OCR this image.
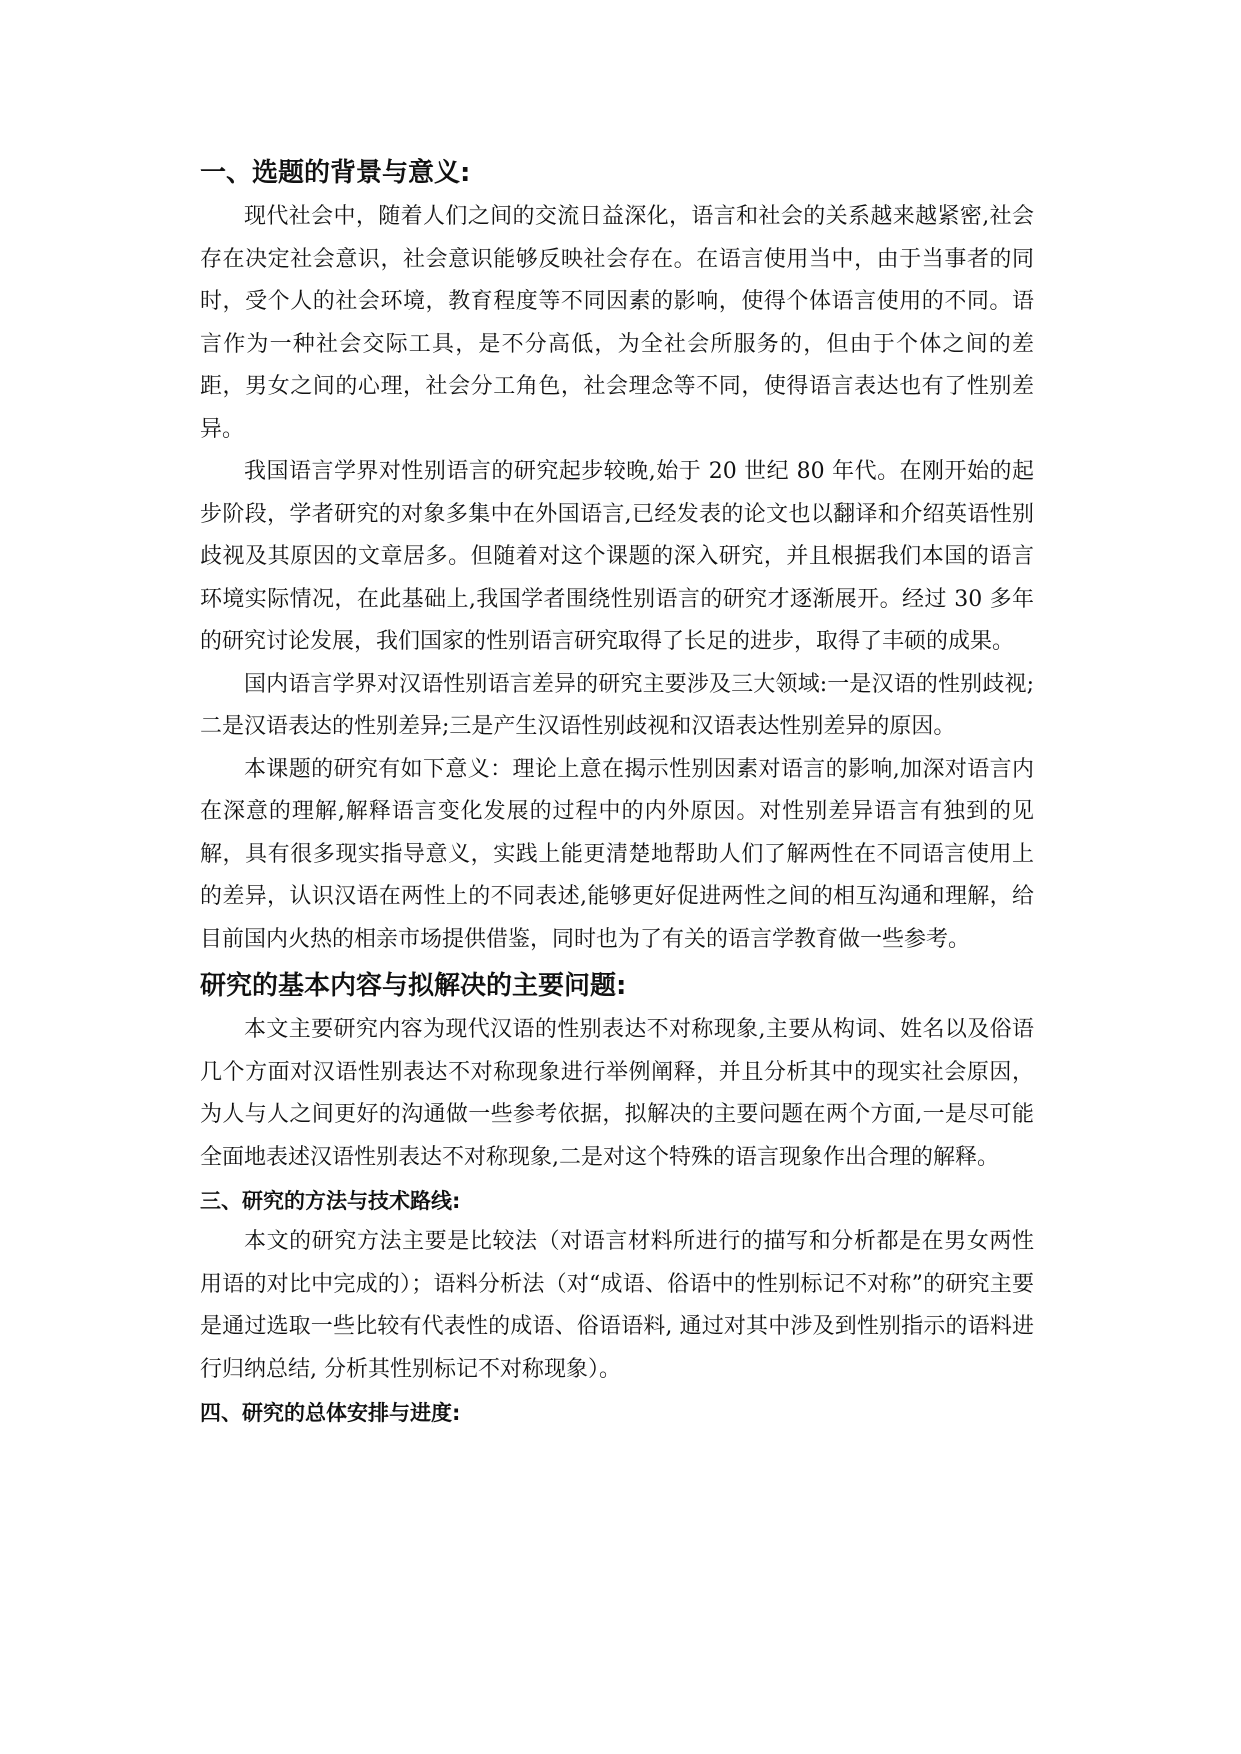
一、选题的背景与意义:

现代社会中，随着人们之间的交流日益深化，语言和社会的关系越来越紧密,社会存在决定社会意识，社会意识能够反映社会存在。在语言使用当中，由于当事者的同时，受个人的社会环境，教育程度等不同因素的影响，使得个体语言使用的不同。语言作为一种社会交际工具，是不分高低，为全社会所服务的，但由于个体之间的差距，男女之间的心理，社会分工角色，社会理念等不同，使得语言表达也有了性别差异。

我国语言学界对性别语言的研究起步较晚,始于 20 世纪 80 年代。在刚开始的起步阶段，学者研究的对象多集中在外国语言,已经发表的论文也以翻译和介绍英语性别歧视及其原因的文章居多。但随着对这个课题的深入研究，并且根据我们本国的语言环境实际情况，在此基础上,我国学者围绕性别语言的研究才逐渐展开。经过 30 多年的研究讨论发展，我们国家的性别语言研究取得了长足的进步，取得了丰硕的成果。

国内语言学界对汉语性别语言差异的研究主要涉及三大领域:一是汉语的性别歧视;二是汉语表达的性别差异;三是产生汉语性别歧视和汉语表达性别差异的原因。

本课题的研究有如下意义：理论上意在揭示性别因素对语言的影响,加深对语言内在深意的理解,解释语言变化发展的过程中的内外原因。对性别差异语言有独到的见解，具有很多现实指导意义，实践上能更清楚地帮助人们了解两性在不同语言使用上的差异，认识汉语在两性上的不同表述,能够更好促进两性之间的相互沟通和理解，给目前国内火热的相亲市场提供借鉴，同时也为了有关的语言学教育做一些参考。

研究的基本内容与拟解决的主要问题:

本文主要研究内容为现代汉语的性别表达不对称现象,主要从构词、姓名以及俗语几个方面对汉语性别表达不对称现象进行举例阐释，并且分析其中的现实社会原因，为人与人之间更好的沟通做一些参考依据，拟解决的主要问题在两个方面,一是尽可能全面地表述汉语性别表达不对称现象,二是对这个特殊的语言现象作出合理的解释。

三、研究的方法与技术路线:

本文的研究方法主要是比较法（对语言材料所进行的描写和分析都是在男女两性用语的对比中完成的）；语料分析法（对“成语、俗语中的性别标记不对称”的研究主要是通过选取一些比较有代表性的成语、俗语语料, 通过对其中涉及到性别指示的语料进行归纳总结, 分析其性别标记不对称现象）。

四、研究的总体安排与进度:
